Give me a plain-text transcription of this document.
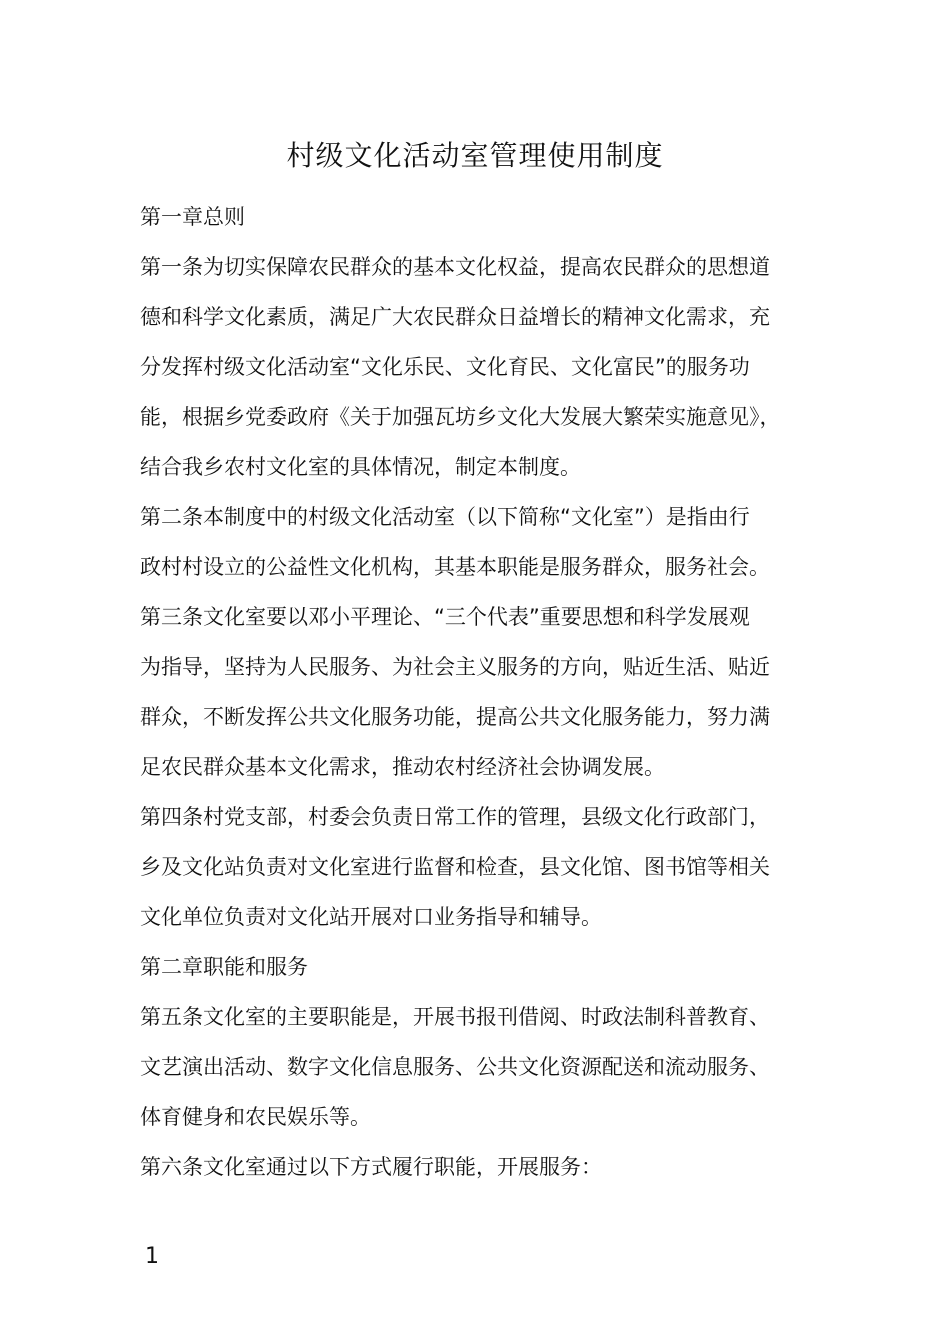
村级文化活动室管理使用制度
第一章总则
第一条为切实保障农民群众的基本文化权益，提高农民群众的思想道
德和科学文化素质，满足广大农民群众日益增长的精神文化需求，充
分发挥村级文化活动室“文化乐民、文化育民、文化富民”的服务功
能，根据乡党委政府《关于加强瓦坊乡文化大发展大繁荣实施意见》，
结合我乡农村文化室的具体情况，制定本制度。
第二条本制度中的村级文化活动室（以下简称“文化室”）是指由行
政村村设立的公益性文化机构，其基本职能是服务群众，服务社会。
第三条文化室要以邓小平理论、“三个代表”重要思想和科学发展观
为指导，坚持为人民服务、为社会主义服务的方向，贴近生活、贴近
群众，不断发挥公共文化服务功能，提高公共文化服务能力，努力满
足农民群众基本文化需求，推动农村经济社会协调发展。
第四条村党支部，村委会负责日常工作的管理，县级文化行政部门，
乡及文化站负责对文化室进行监督和检查，县文化馆、图书馆等相关
文化单位负责对文化站开展对口业务指导和辅导。
第二章职能和服务
第五条文化室的主要职能是，开展书报刊借阅、时政法制科普教育、
文艺演出活动、数字文化信息服务、公共文化资源配送和流动服务、
体育健身和农民娱乐等。
第六条文化室通过以下方式履行职能，开展服务：
1
